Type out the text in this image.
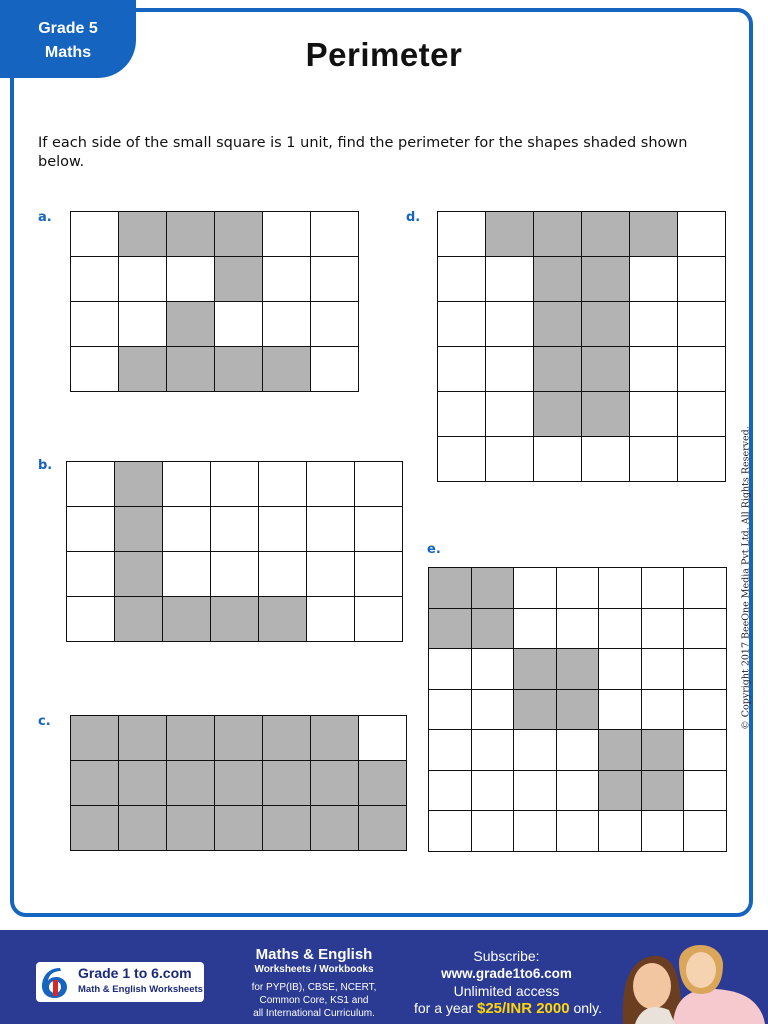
Grade 5
Maths	Perimeter
If each side of the small square is 1 unit, find the perimeter for the shapes shaded shown below.
a.
b.
c.
d.
e.	© Copyright 2017 BeeOne Media Pvt Ltd. All Rights Reserved.
Grade 1 to 6.com
Math & English Worksheets
Maths & English
Worksheets / Workbooks
for PYP(IB), CBSE, NCERT,
Common Core, KS1 and
all International Curriculum.
Subscribe:
www.grade1to6.com
Unlimited access
for a year $25/INR 2000 only.
